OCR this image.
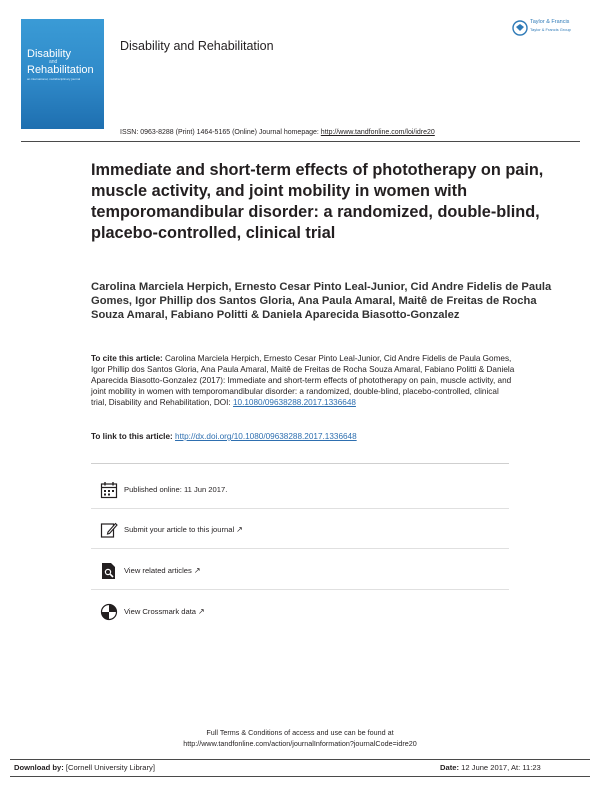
Disability
and
Rehabilitation
an international, multidisciplinary journal
Disability and Rehabilitation
Taylor & Francis
Taylor & Francis Group
ISSN: 0963-8288 (Print) 1464-5165 (Online) Journal homepage: http://www.tandfonline.com/loi/idre20
Immediate and short-term effects of phototherapy on pain, muscle activity, and joint mobility in women with temporomandibular disorder: a randomized, double-blind, placebo-controlled, clinical trial
Carolina Marciela Herpich, Ernesto Cesar Pinto Leal-Junior, Cid Andre Fidelis de Paula Gomes, Igor Phillip dos Santos Gloria, Ana Paula Amaral, Maitê de Freitas de Rocha Souza Amaral, Fabiano Politti & Daniela Aparecida Biasotto-Gonzalez
To cite this article: Carolina Marciela Herpich, Ernesto Cesar Pinto Leal-Junior, Cid Andre Fidelis de Paula Gomes, Igor Phillip dos Santos Gloria, Ana Paula Amaral, Maitê de Freitas de Rocha Souza Amaral, Fabiano Politti & Daniela Aparecida Biasotto-Gonzalez (2017): Immediate and short-term effects of phototherapy on pain, muscle activity, and joint mobility in women with temporomandibular disorder: a randomized, double-blind, placebo-controlled, clinical trial, Disability and Rehabilitation, DOI: 10.1080/09638288.2017.1336648
To link to this article: http://dx.doi.org/10.1080/09638288.2017.1336648
Published online: 11 Jun 2017.
Submit your article to this journal ↗
View related articles ↗
View Crossmark data ↗
Full Terms & Conditions of access and use can be found at
http://www.tandfonline.com/action/journalInformation?journalCode=idre20
Download by: [Cornell University Library]	Date: 12 June 2017, At: 11:23
